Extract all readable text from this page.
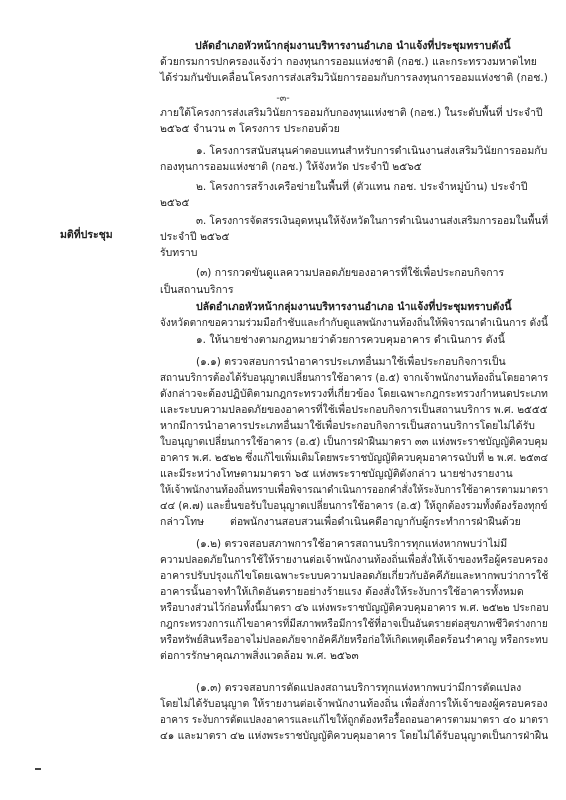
ปลัดอำเภอหัวหน้ากลุ่มงานบริหารงานอำเภอ นำแจ้งที่ประชุมทราบดังนี้
ด้วยกรมการปกครองแจ้งว่า กองทุนการออมแห่งชาติ (กอช.) และกระทรวงมหาดไทย
ได้ร่วมกันขับเคลื่อนโครงการส่งเสริมวินัยการออมกับการลงทุนการออมแห่งชาติ (กอช.)
-๓-
ภายใต้โครงการส่งเสริมวินัยการออมกับกองทุนแห่งชาติ (กอช.) ในระดับพื้นที่ ประจำปี
๒๕๖๕ จำนวน ๓ โครงการ ประกอบด้วย
๑. โครงการสนับสนุนค่าตอบแทนสำหรับการดำเนินงานส่งเสริมวินัยการออมกับ
กองทุนการออมแห่งชาติ (กอช.) ให้จังหวัด ประจำปี ๒๕๖๕
๒. โครงการสร้างเครือข่ายในพื้นที่ (ตัวแทน กอช. ประจำหมู่บ้าน) ประจำปี
๒๕๖๕
๓. โครงการจัดสรรเงินอุดหนุนให้จังหวัดในการดำเนินงานส่งเสริมการออมในพื้นที่
ประจำปี ๒๕๖๕
มติที่ประชุม
รับทราบ
(๓) การกวดขันดูแลความปลอดภัยของอาคารที่ใช้เพื่อประกอบกิจการ
เป็นสถานบริการ
ปลัดอำเภอหัวหน้ากลุ่มงานบริหารงานอำเภอ นำแจ้งที่ประชุมทราบดังนี้
จังหวัดตากขอความร่วมมือกำชับและกำกับดูแลพนักงานท้องถิ่นให้พิจารณาดำเนินการ ดังนี้
๑. ให้นายช่างตามกฎหมายว่าด้วยการควบคุมอาคาร ดำเนินการ ดังนี้
(๑.๑) ตรวจสอบการนำอาคารประเภทอื่นมาใช้เพื่อประกอบกิจการเป็น
สถานบริการต้องได้รับอนุญาตเปลี่ยนการใช้อาคาร (อ.๕) จากเจ้าพนักงานท้องถิ่นโดยอาคาร
ดังกล่าวจะต้องปฏิบัติตามกฎกระทรวงที่เกี่ยวข้อง โดยเฉพาะกฎกระทรวงกำหนดประเภท
และระบบความปลอดภัยของอาคารที่ใช้เพื่อประกอบกิจการเป็นสถานบริการ พ.ศ. ๒๕๕๕
หากมีการนำอาคารประเภทอื่นมาใช้เพื่อประกอบกิจการเป็นสถานบริการโดยไม่ได้รับ
ใบอนุญาตเปลี่ยนการใช้อาคาร (อ.๕) เป็นการฝ่าฝืนมาตรา ๓๓ แห่งพระราชบัญญัติควบคุม
อาคาร พ.ศ. ๒๕๒๒ ซึ่งแก้ไขเพิ่มเติมโดยพระราชบัญญัติควบคุมอาคารฉบับที่ ๒ พ.ศ. ๒๕๓๔
และมีระหว่างโทษตามมาตรา ๖๕ แห่งพระราชบัญญัติดังกล่าว นายช่างรายงาน
ให้เจ้าพนักงานท้องถิ่นทราบเพื่อพิจารณาดำเนินการออกคำสั่งให้ระงับการใช้อาคารตามมาตรา
๔๔ (ค.๗) และยื่นขอรับใบอนุญาตเปลี่ยนการใช้อาคาร (อ.๕) ให้ถูกต้องรวมทั้งต้องร้องทุกข์
กล่าวโทษ ต่อพนักงานสอบสวนเพื่อดำเนินคดีอาญากับผู้กระทำการฝ่าฝืนด้วย
(๑.๒) ตรวจสอบสภาพการใช้อาคารสถานบริการทุกแห่งหากพบว่าไม่มี
ความปลอดภัยในการใช้ให้รายงานต่อเจ้าพนักงานท้องถิ่นเพื่อสั่งให้เจ้าของหรือผู้ครอบครอง
อาคารปรับปรุงแก้ไขโดยเฉพาะระบบความปลอดภัยเกี่ยวกับอัคคีภัยและหากพบว่าการใช้
อาคารนั้นอาจทำให้เกิดอันตรายอย่างร้ายแรง ต้องสั่งให้ระงับการใช้อาคารทั้งหมด
หรือบางส่วนไว้ก่อนทั้งนี้มาตรา ๔๖ แห่งพระราชบัญญัติควบคุมอาคาร พ.ศ. ๒๕๒๒ ประกอบ
กฎกระทรวงการแก้ไขอาคารที่มีสภาพหรือมีการใช้ที่อาจเป็นอันตรายต่อสุขภาพชีวิตร่างกาย
หรือทรัพย์สินหรืออาจไม่ปลอดภัยจากอัคคีภัยหรือก่อให้เกิดเหตุเดือดร้อนรำคาญ หรือกระทบ
ต่อการรักษาคุณภาพสิ่งแวดล้อม พ.ศ. ๒๕๖๓
(๑.๓) ตรวจสอบการดัดแปลงสถานบริการทุกแห่งหากพบว่ามีการดัดแปลง
โดยไม่ได้รับอนุญาต ให้รายงานต่อเจ้าพนักงานท้องถิ่น เพื่อสั่งการให้เจ้าของผู้ครอบครอง
อาคาร ระงับการดัดแปลงอาคารและแก้ไขให้ถูกต้องหรือรื้อถอนอาคารตามมาตรา ๔๐ มาตรา
๔๑ และมาตรา ๔๒ แห่งพระราชบัญญัติควบคุมอาคาร โดยไม่ได้รับอนุญาตเป็นการฝ่าฝืน
